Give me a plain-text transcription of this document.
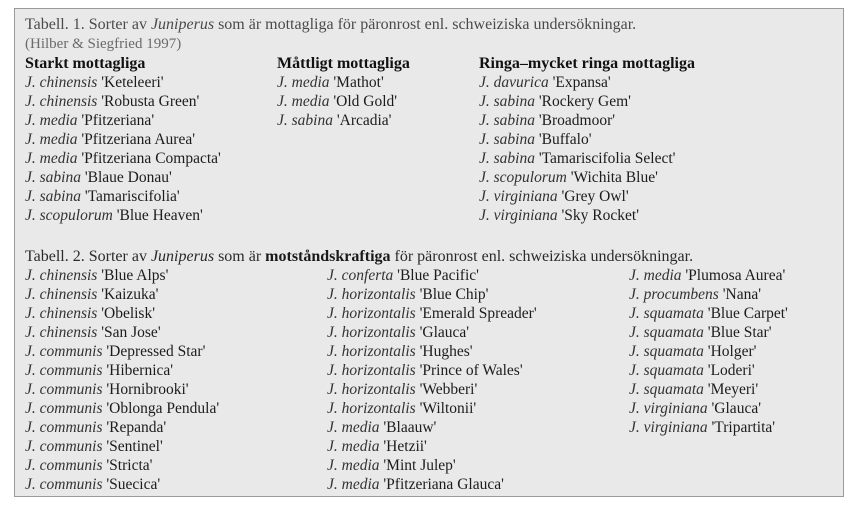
Tabell. 1. Sorter av Juniperus som är mottagliga för päronrost enl. schweiziska undersökningar.
(Hilber & Siegfried 1997)
Starkt mottagliga
J. chinensis 'Keteleeri'
J. chinensis 'Robusta Green'
J. media 'Pfitzeriana'
J. media 'Pfitzeriana Aurea'
J. media 'Pfitzeriana Compacta'
J. sabina 'Blaue Donau'
J. sabina 'Tamariscifolia'
J. scopulorum 'Blue Heaven'
Måttligt mottagliga
J. media 'Mathot'
J. media 'Old Gold'
J. sabina 'Arcadia'
Ringa–mycket ringa mottagliga
J. davurica 'Expansa'
J. sabina 'Rockery Gem'
J. sabina 'Broadmoor'
J. sabina 'Buffalo'
J. sabina 'Tamariscifolia Select'
J. scopulorum 'Wichita Blue'
J. virginiana 'Grey Owl'
J. virginiana 'Sky Rocket'
Tabell. 2. Sorter av Juniperus som är motståndskraftiga för päronrost enl. schweiziska undersökningar.
J. chinensis 'Blue Alps'
J. chinensis 'Kaizuka'
J. chinensis 'Obelisk'
J. chinensis 'San Jose'
J. communis 'Depressed Star'
J. communis 'Hibernica'
J. communis 'Hornibrooki'
J. communis 'Oblonga Pendula'
J. communis 'Repanda'
J. communis 'Sentinel'
J. communis 'Stricta'
J. communis 'Suecica'
J. conferta 'Blue Pacific'
J. horizontalis 'Blue Chip'
J. horizontalis 'Emerald Spreader'
J. horizontalis 'Glauca'
J. horizontalis 'Hughes'
J. horizontalis 'Prince of Wales'
J. horizontalis 'Webberi'
J. horizontalis 'Wiltonii'
J. media 'Blaauw'
J. media 'Hetzii'
J. media 'Mint Julep'
J. media 'Pfitzeriana Glauca'
J. media 'Plumosa Aurea'
J. procumbens 'Nana'
J. squamata 'Blue Carpet'
J. squamata 'Blue Star'
J. squamata 'Holger'
J. squamata 'Loderi'
J. squamata 'Meyeri'
J. virginiana 'Glauca'
J. virginiana 'Tripartita'
